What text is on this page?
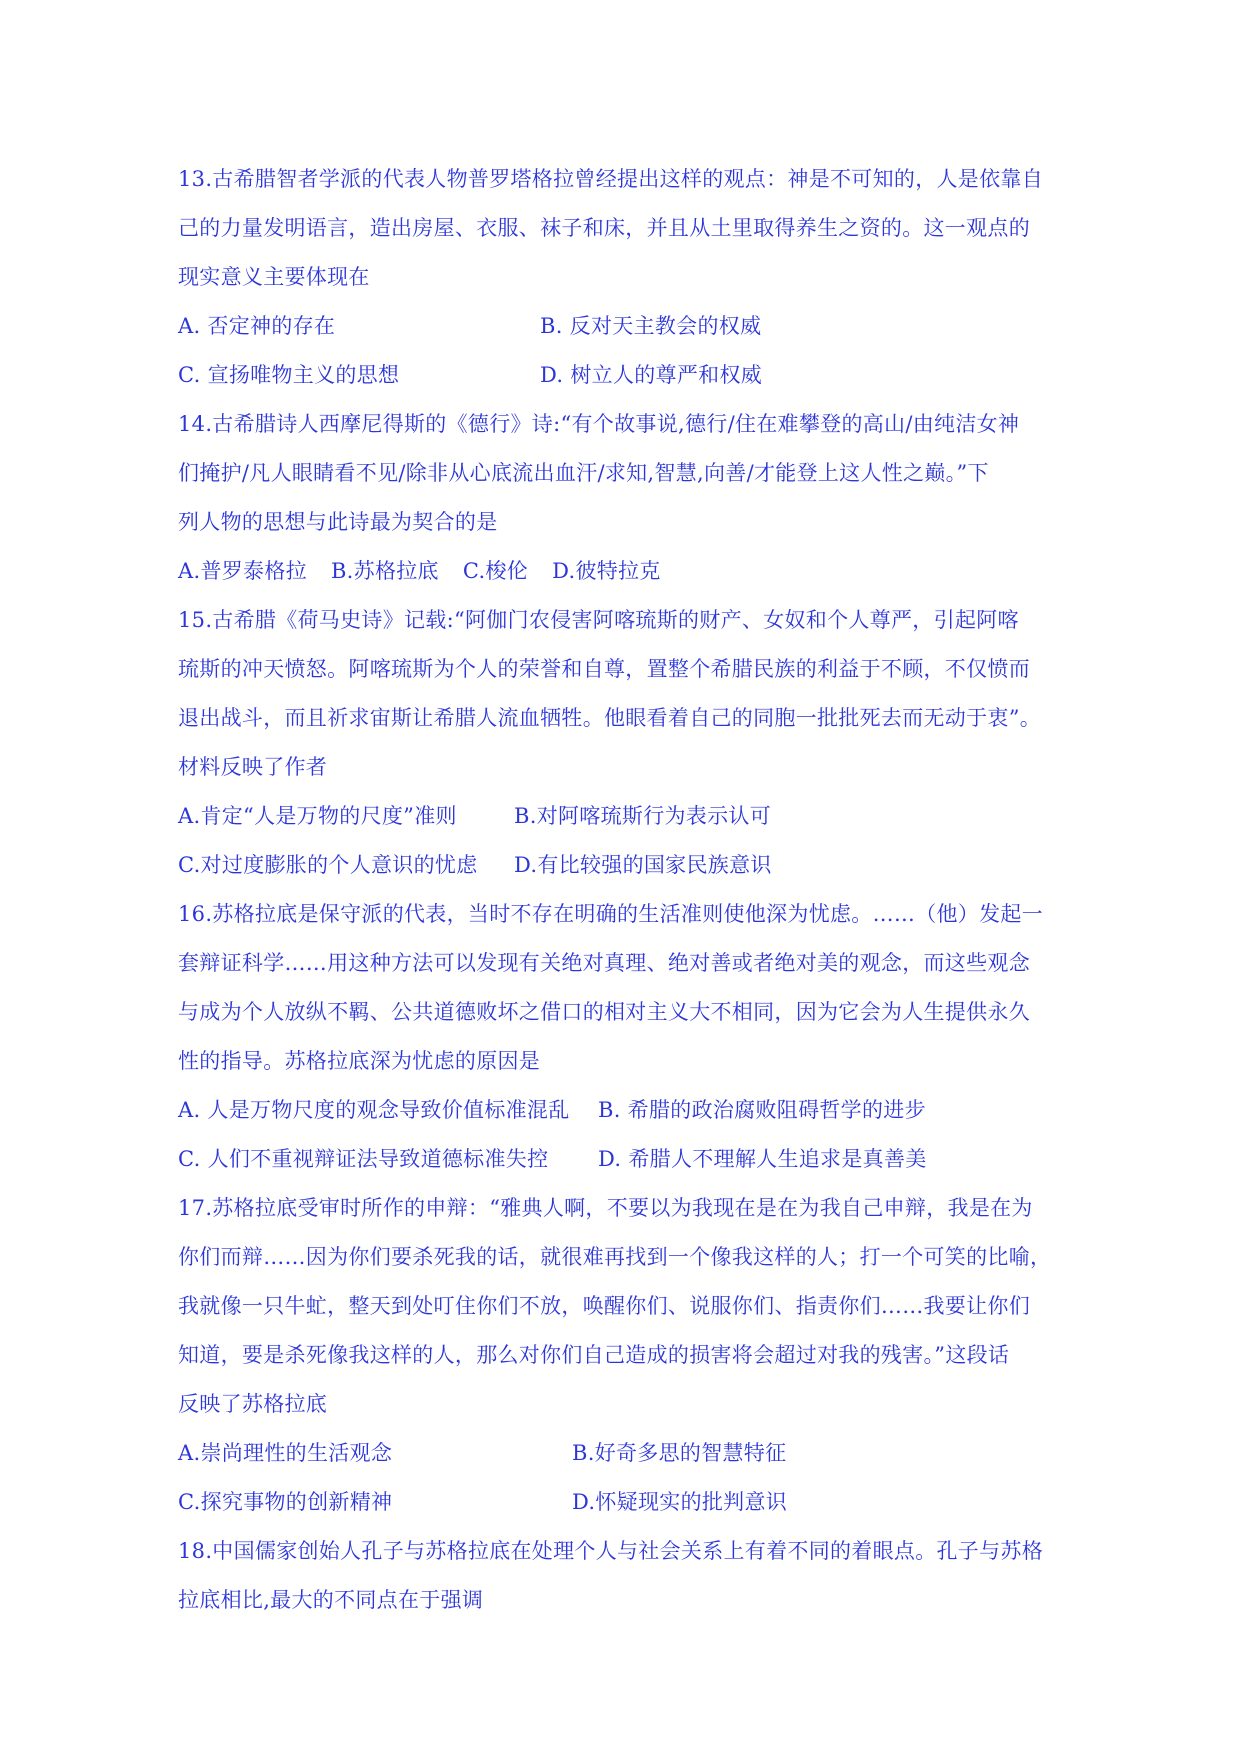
13.古希腊智者学派的代表人物普罗塔格拉曾经提出这样的观点：神是不可知的，人是依靠自
己的力量发明语言，造出房屋、衣服、袜子和床，并且从土里取得养生之资的。这一观点的
现实意义主要体现在
A. 否定神的存在	B. 反对天主教会的权威
C. 宣扬唯物主义的思想	D. 树立人的尊严和权威
14.古希腊诗人西摩尼得斯的《德行》诗:“有个故事说,德行/住在难攀登的高山/由纯洁女神
们掩护/凡人眼睛看不见/除非从心底流出血汗/求知,智慧,向善/才能登上这人性之巅。”下
列人物的思想与此诗最为契合的是
A.普罗泰格拉 B.苏格拉底 C.梭伦 D.彼特拉克
15.古希腊《荷马史诗》记载:“阿伽门农侵害阿喀琉斯的财产、女奴和个人尊严，引起阿喀
琉斯的冲天愤怒。阿喀琉斯为个人的荣誉和自尊，置整个希腊民族的利益于不顾，不仅愤而
退出战斗，而且祈求宙斯让希腊人流血牺牲。他眼看着自己的同胞一批批死去而无动于衷”。
材料反映了作者
A.肯定“人是万物的尺度”准则	B.对阿喀琉斯行为表示认可
C.对过度膨胀的个人意识的忧虑 D.有比较强的国家民族意识
16.苏格拉底是保守派的代表，当时不存在明确的生活准则使他深为忧虑。……（他）发起一
套辩证科学……用这种方法可以发现有关绝对真理、绝对善或者绝对美的观念，而这些观念
与成为个人放纵不羁、公共道德败坏之借口的相对主义大不相同，因为它会为人生提供永久
性的指导。苏格拉底深为忧虑的原因是
A. 人是万物尺度的观念导致价值标准混乱 B. 希腊的政治腐败阻碍哲学的进步
C. 人们不重视辩证法导致道德标准失控 D. 希腊人不理解人生追求是真善美
17.苏格拉底受审时所作的申辩：“雅典人啊，不要以为我现在是在为我自己申辩，我是在为
你们而辩……因为你们要杀死我的话，就很难再找到一个像我这样的人；打一个可笑的比喻，
我就像一只牛虻，整天到处叮住你们不放，唤醒你们、说服你们、指责你们……我要让你们
知道，要是杀死像我这样的人，那么对你们自己造成的损害将会超过对我的残害。”这段话
反映了苏格拉底
A.崇尚理性的生活观念	B.好奇多思的智慧特征
C.探究事物的创新精神	D.怀疑现实的批判意识
18.中国儒家创始人孔子与苏格拉底在处理个人与社会关系上有着不同的着眼点。孔子与苏格
拉底相比,最大的不同点在于强调
